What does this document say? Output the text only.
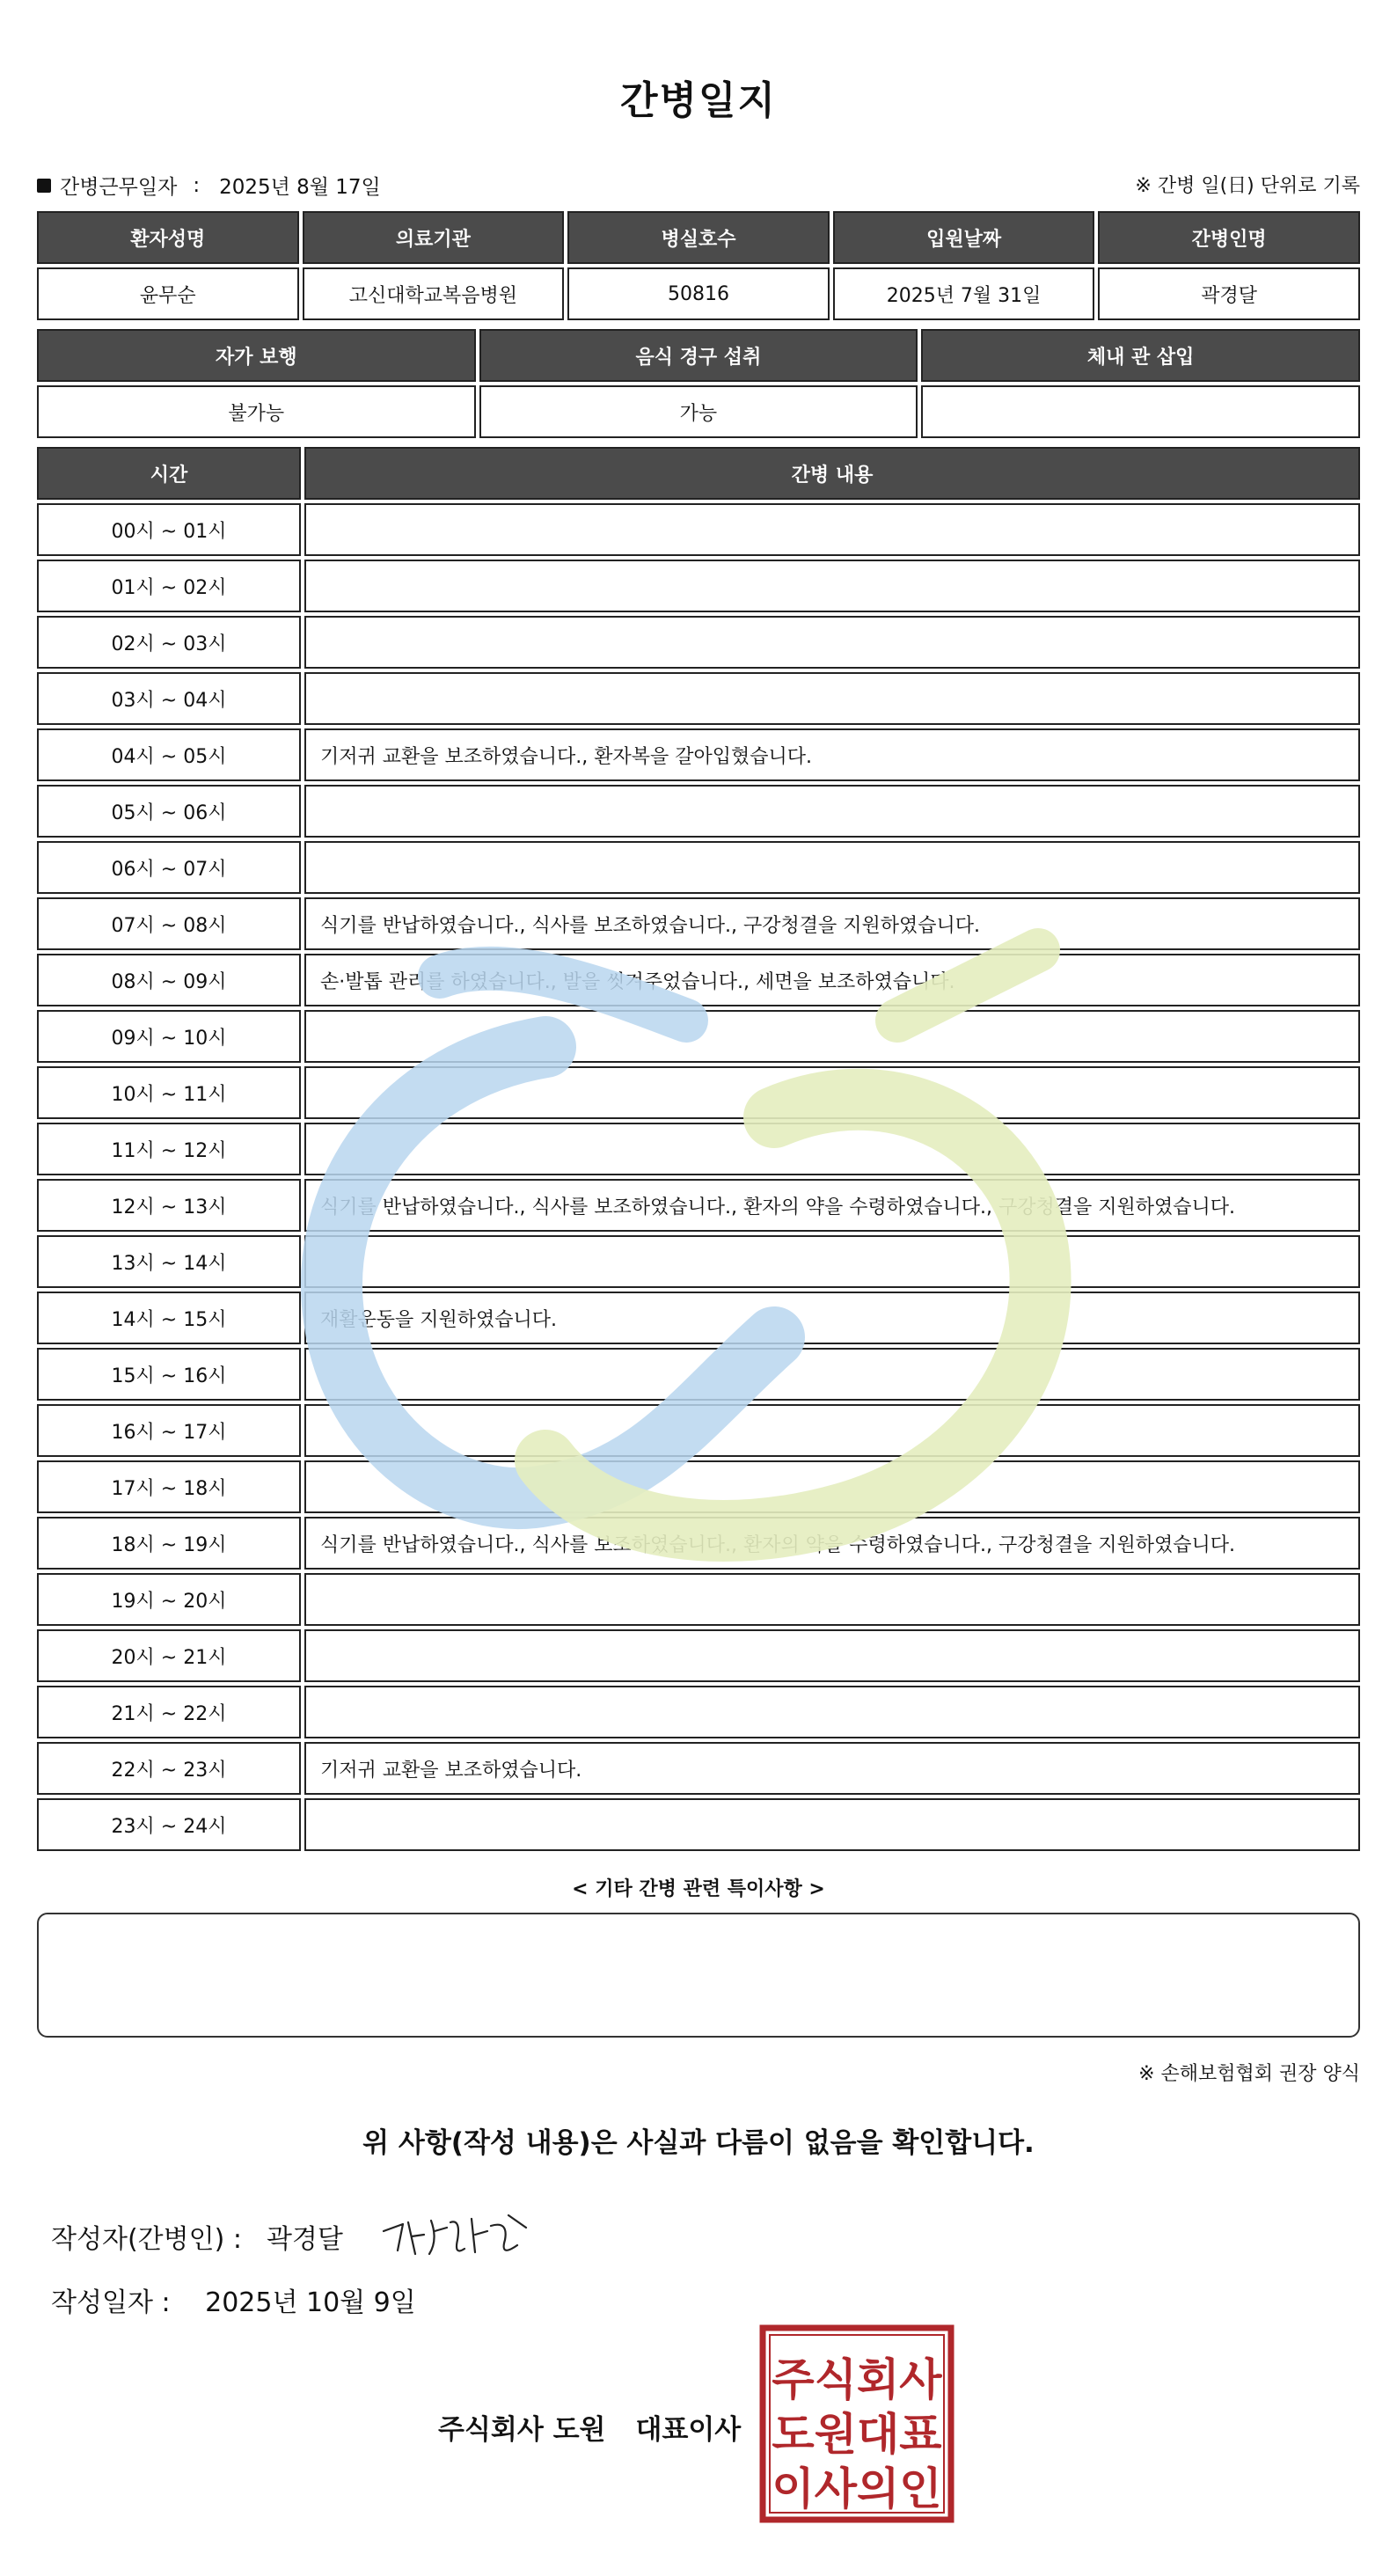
간병일지
간병근무일자 : 2025년 8월 17일	※ 간병 일(日) 단위로 기록
환자성명	의료기관	병실호수	입원날짜	간병인명
윤무순	고신대학교복음병원	50816	2025년 7월 31일	곽경달
자가 보행	음식 경구 섭취	체내 관 삽입
불가능	가능	
시간	간병 내용
00시 ~ 01시	
01시 ~ 02시	
02시 ~ 03시	
03시 ~ 04시	
04시 ~ 05시	기저귀 교환을 보조하였습니다., 환자복을 갈아입혔습니다.
05시 ~ 06시	
06시 ~ 07시	
07시 ~ 08시	식기를 반납하였습니다., 식사를 보조하였습니다., 구강청결을 지원하였습니다.
08시 ~ 09시	손·발톱 관리를 하였습니다., 발을 씻겨주었습니다., 세면을 보조하였습니다.
09시 ~ 10시	
10시 ~ 11시	
11시 ~ 12시	
12시 ~ 13시	식기를 반납하였습니다., 식사를 보조하였습니다., 환자의 약을 수령하였습니다., 구강청결을 지원하였습니다.
13시 ~ 14시	
14시 ~ 15시	재활운동을 지원하였습니다.
15시 ~ 16시	
16시 ~ 17시	
17시 ~ 18시	
18시 ~ 19시	식기를 반납하였습니다., 식사를 보조하였습니다., 환자의 약을 수령하였습니다., 구강청결을 지원하였습니다.
19시 ~ 20시	
20시 ~ 21시	
21시 ~ 22시	
22시 ~ 23시	기저귀 교환을 보조하였습니다.
23시 ~ 24시	
< 기타 간병 관련 특이사항 >
※ 손해보험협회 권장 양식
위 사항(작성 내용)은 사실과 다름이 없음을 확인합니다.
작성자(간병인) : 곽경달
작성일자 : 2025년 10월 9일
주식회사 도원 대표이사
주식회사
도원대표
이사의인
